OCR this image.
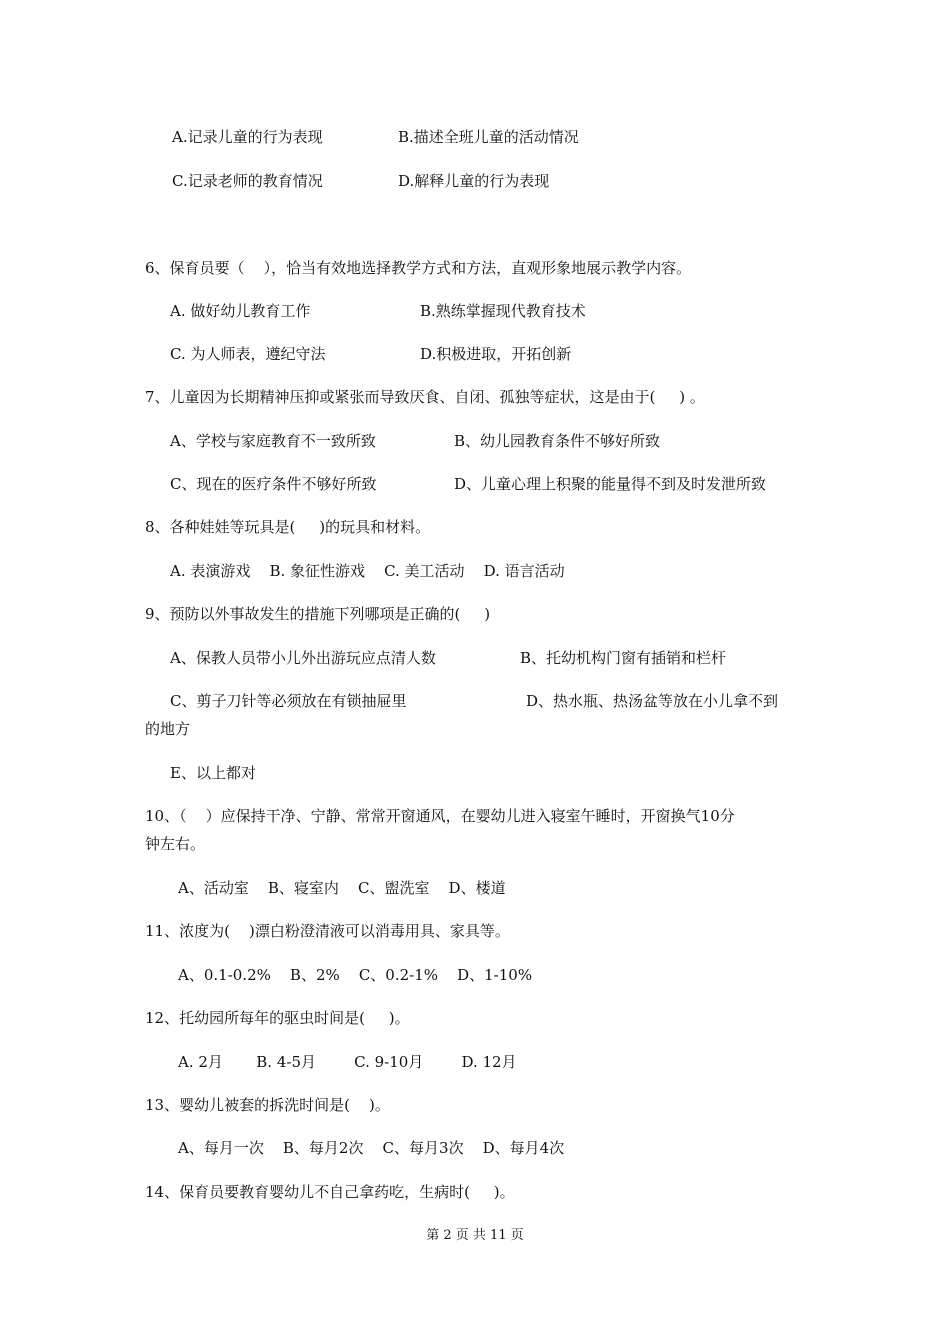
A.记录儿童的行为表现	B.描述全班儿童的活动情况
C.记录老师的教育情况	D.解释儿童的行为表现
6、保育员要（    ），恰当有效地选择教学方式和方法，直观形象地展示教学内容。
A. 做好幼儿教育工作	B.熟练掌握现代教育技术
C. 为人师表，遵纪守法	D.积极进取，开拓创新
7、儿童因为长期精神压抑或紧张而导致厌食、自闭、孤独等症状，这是由于(     ) 。
A、学校与家庭教育不一致所致	B、幼儿园教育条件不够好所致
C、现在的医疗条件不够好所致	D、儿童心理上积聚的能量得不到及时发泄所致
8、各种娃娃等玩具是(     )的玩具和材料。
A. 表演游戏    B. 象征性游戏    C. 美工活动    D. 语言活动
9、预防以外事故发生的措施下列哪项是正确的(     )
A、保教人员带小儿外出游玩应点清人数	B、托幼机构门窗有插销和栏杆
C、剪子刀针等必须放在有锁抽屉里	D、热水瓶、热汤盆等放在小儿拿不到
的地方
E、以上都对
10、（    ）应保持干净、宁静、常常开窗通风，在婴幼儿进入寝室午睡时，开窗换气10分
钟左右。
A、活动室    B、寝室内    C、盥洗室    D、楼道
11、浓度为(    )漂白粉澄清液可以消毒用具、家具等。
A、0.1-0.2%    B、2%    C、0.2-1%    D、1-10%
12、托幼园所每年的驱虫时间是(     )。
A. 2月       B. 4-5月        C. 9-10月        D. 12月
13、婴幼儿被套的拆洗时间是(    )。
A、每月一次    B、每月2次    C、每月3次    D、每月4次
14、保育员要教育婴幼儿不自己拿药吃，生病时(     )。
第 2 页 共 11 页
